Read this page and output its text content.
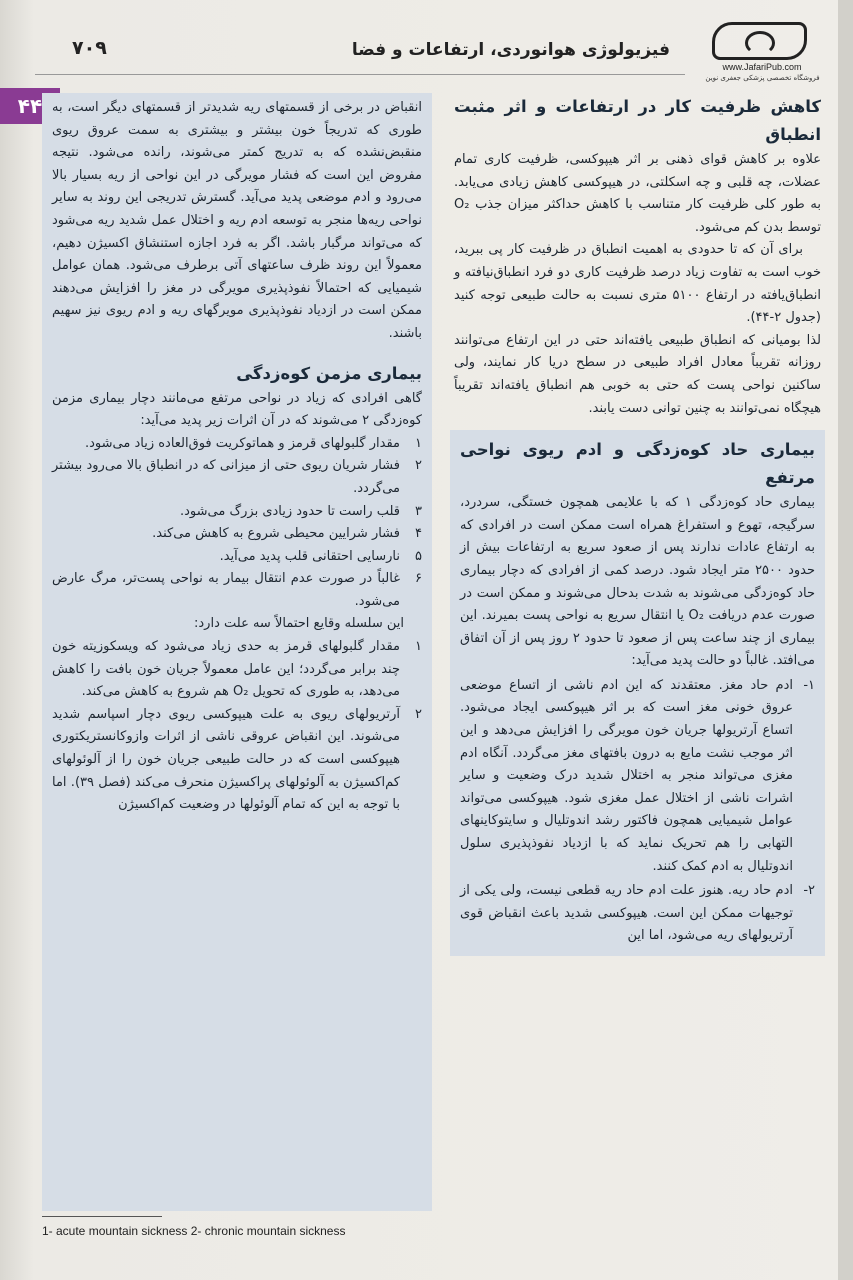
www.JafariPub.com
فروشگاه تخصصی پزشکی جعفری نوین
فیزیولوژی هوانوردی، ارتفاعات و فضا
۷۰۹
۴۴ انقباض در برخی از قسمتهای ریه شدیدتر از قسمتهای دیگر است، به طوری که تدریجاً خون بیشتر و بیشتری به سمت عروق ریوی منقبض‌نشده که به تدریج کمتر می‌شوند، رانده می‌شود. نتیجه مفروض این است که فشار مویرگی در این نواحی از ریه بسیار بالا می‌رود و ادم موضعی پدید می‌آید. گسترش تدریجی این روند به سایر نواحی ریه‌ها منجر به توسعه ادم ریه و اختلال عمل شدید ریه می‌شود که می‌تواند مرگبار باشد. اگر به فرد اجازه استنشاق اکسیژن دهیم، معمولاً این روند ظرف ساعتهای آتی برطرف می‌شود. همان عوامل شیمیایی که احتمالاً نفوذپذیری مویرگی در مغز را افزایش می‌دهند ممکن است در ازدیاد نفوذپذیری مویرگهای ریه و ادم ریوی نیز سهیم باشند.

بیماری مزمن کوه‌زدگی

گاهی افرادی که زیاد در نواحی مرتفع می‌مانند دچار بیماری مزمن کوه‌زدگی ۲ می‌شوند که در آن اثرات زیر پدید می‌آید:

۱
مقدار گلبولهای قرمز و هماتوکریت فوق‌العاده زیاد می‌شود.
۲
فشار شریان ریوی حتی از میزانی که در انطباق بالا می‌رود بیشتر می‌گردد.
۳
قلب راست تا حدود زیادی بزرگ می‌شود.
۴
فشار شرایین محیطی شروع به کاهش می‌کند.
۵
نارسایی احتقانی قلب پدید می‌آید.
۶
غالباً در صورت عدم انتقال بیمار به نواحی پست‌تر، مرگ عارض می‌شود.

این سلسله وقایع احتمالاً سه علت دارد:

۱
مقدار گلبولهای قرمز به حدی زیاد می‌شود که ویسکوزیته خون چند برابر می‌گردد؛ این عامل معمولاً جریان خون بافت را کاهش می‌دهد، به طوری که تحویل O₂ هم شروع به کاهش می‌کند.
۲
آرتریولهای ریوی به علت هیپوکسی ریوی دچار اسپاسم شدید می‌شوند. این انقباض عروقی ناشی از اثرات وازوکانستریکتوری هیپوکسی است که در حالت طبیعی جریان خون را از آلوئولهای کم‌اکسیژن به آلوئولهای پراکسیژن منحرف می‌کند (فصل ۳۹). اما با توجه به این که تمام آلوئولها در وضعیت کم‌اکسیژن
کاهش ظرفیت کار در ارتفاعات و اثر مثبت انطباق

علاوه بر کاهش قوای ذهنی بر اثر هیپوکسی، ظرفیت کاری تمام عضلات، چه قلبی و چه اسکلتی، در هیپوکسی کاهش زیادی می‌یابد. به طور کلی ظرفیت کار متناسب با کاهش حداکثر میزان جذب O₂ توسط بدن کم می‌شود.

برای آن که تا حدودی به اهمیت انطباق در ظرفیت کار پی ببرید، خوب است به تفاوت زیاد درصد ظرفیت کاری دو فرد انطباق‌نیافته و انطباق‌یافته در ارتفاع ۵۱۰۰ متری نسبت به حالت طبیعی توجه کنید (جدول ۲-۴۴).

لذا بومیانی که انطباق طبیعی یافته‌اند حتی در این ارتفاع می‌توانند روزانه تقریباً معادل افراد طبیعی در سطح دریا کار نمایند، ولی ساکنین نواحی پست که حتی به خوبی هم انطباق یافته‌اند تقریباً هیچگاه نمی‌توانند به چنین توانی دست یابند.

بیماری حاد کوه‌زدگی و ادم ریوی نواحی مرتفع

بیماری حاد کوه‌زدگی ۱ که با علایمی همچون خستگی، سردرد، سرگیجه، تهوع و استفراغ همراه است ممکن است در افرادی که به ارتفاع عادات ندارند پس از صعود سریع به ارتفاعات بیش از حدود ۲۵۰۰ متر ایجاد شود. درصد کمی از افرادی که دچار بیماری حاد کوه‌زدگی می‌شوند به شدت بدحال می‌شوند و ممکن است در صورت عدم دریافت O₂ یا انتقال سریع به نواحی پست بمیرند. این بیماری از چند ساعت پس از صعود تا حدود ۲ روز پس از آن اتفاق می‌افتد. غالباً دو حالت پدید می‌آید:

۱-
ادم حاد مغز. معتقدند که این ادم ناشی از اتساع موضعی عروق خونی مغز است که بر اثر هیپوکسی ایجاد می‌شود. اتساع آرتریولها جریان خون مویرگی را افزایش می‌دهد و این اثر موجب نشت مایع به درون بافتهای مغز می‌گردد. آنگاه ادم مغزی می‌تواند منجر به اختلال شدید درک وضعیت و سایر اشرات ناشی از اختلال عمل مغزی شود. هیپوکسی می‌تواند عوامل شیمیایی همچون فاکتور رشد اندوتلیال و سایتوکاینهای التهابی را هم تحریک نماید که با ازدیاد نفوذپذیری سلول اندوتلیال به ادم کمک کنند.
۲-
ادم حاد ریه. هنوز علت ادم حاد ریه قطعی نیست، ولی یکی از توجیهات ممکن این است. هیپوکسی شدید باعث انقباض قوی آرتریولهای ریه می‌شود، اما این
1- acute mountain sickness 2- chronic mountain sickness
